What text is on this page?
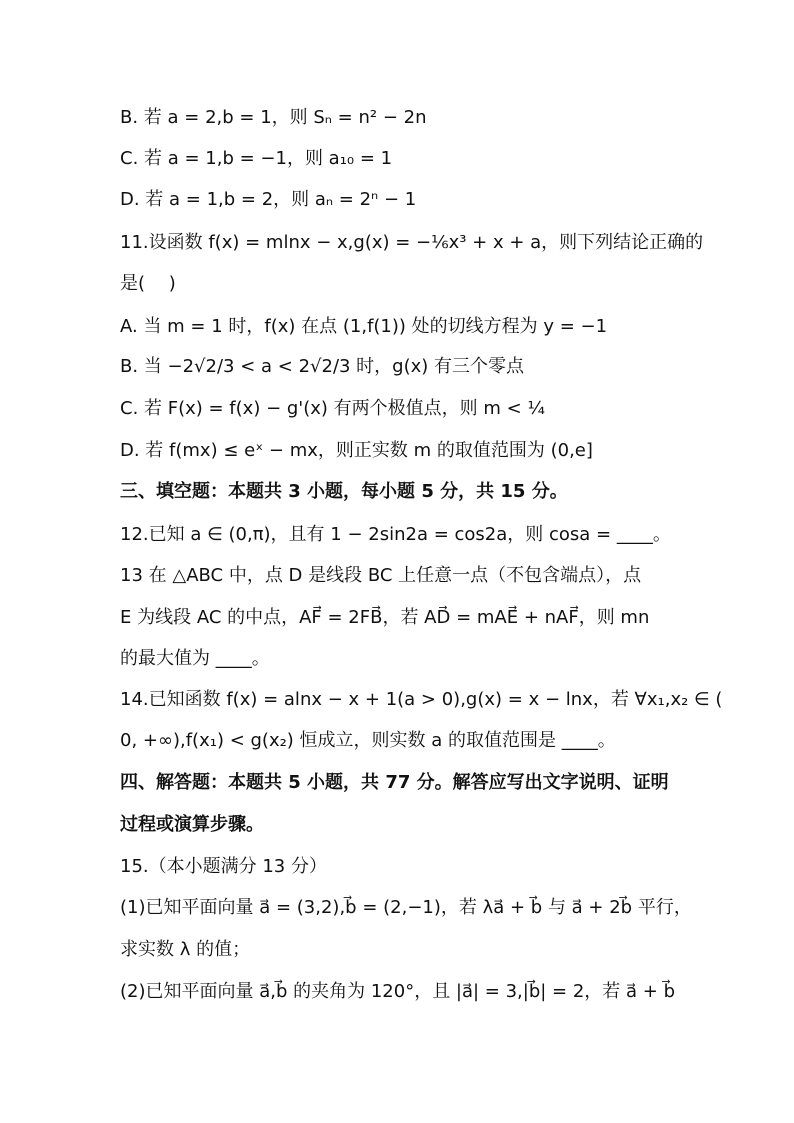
B. 若 a = 2,b = 1，则 Sₙ = n² − 2n
C. 若 a = 1,b = −1，则 a₁₀ = 1
D. 若 a = 1,b = 2，则 aₙ = 2ⁿ − 1
11.设函数 f(x) = mlnx − x,g(x) = −⅙x³ + x + a，则下列结论正确的
是(　 )
A. 当 m = 1 时，f(x) 在点 (1,f(1)) 处的切线方程为 y = −1
B. 当 −2√2/3 < a < 2√2/3 时，g(x) 有三个零点
C. 若 F(x) = f(x) − g'(x) 有两个极值点，则 m < ¼
D. 若 f(mx) ≤ eˣ − mx，则正实数 m 的取值范围为 (0,e]
三、填空题：本题共 3 小题，每小题 5 分，共 15 分。
12.已知 a ∈ (0,π)，且有 1 − 2sin2a = cos2a，则 cosa = ____。
13 在 △ABC 中，点 D 是线段 BC 上任意一点（不包含端点），点
E 为线段 AC 的中点，AF⃗ = 2FB⃗，若 AD⃗ = mAE⃗ + nAF⃗，则 mn
的最大值为 ____。
14.已知函数 f(x) = alnx − x + 1(a > 0),g(x) = x − lnx，若 ∀x₁,x₂ ∈ (
0, +∞),f(x₁) < g(x₂) 恒成立，则实数 a 的取值范围是 ____。
四、解答题：本题共 5 小题，共 77 分。解答应写出文字说明、证明
过程或演算步骤。
15.（本小题满分 13 分）
(1)已知平面向量 a⃗ = (3,2),b⃗ = (2,−1)，若 λa⃗ + b⃗ 与 a⃗ + 2b⃗ 平行，
求实数 λ 的值；
(2)已知平面向量 a⃗,b⃗ 的夹角为 120°，且 |a⃗| = 3,|b⃗| = 2，若 a⃗ + b⃗
